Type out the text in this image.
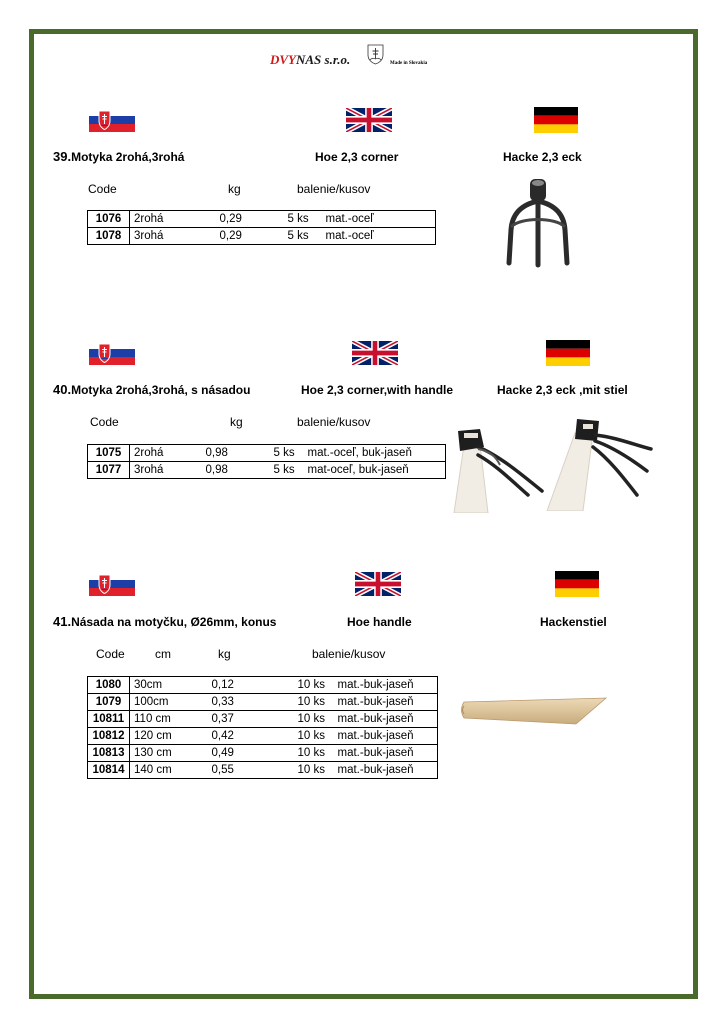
DVYNAS s.r.o.	Made in Slovakia
39.Motyka 2rohá,3rohá	Hoe 2,3 corner	Hacke 2,3 eck
Code	kg	balenie/kusov
1076	2rohá	0,29	5 ks	mat.-oceľ
1078	3rohá	0,29	5 ks	mat.-oceľ
40.Motyka 2rohá,3rohá, s násadou	Hoe 2,3 corner,with handle	Hacke 2,3 eck ,mit stiel
Code	kg	balenie/kusov
1075	2rohá	0,98	5 ks	mat.-oceľ, buk-jaseň
1077	3rohá	0,98	5 ks	mat-oceľ, buk-jaseň
41.Násada na motyčku, Ø26mm, konus	Hoe handle	Hackenstiel
Code	cm	kg	balenie/kusov
1080	30cm	0,12	10 ks	mat.-buk-jaseň
1079	100cm	0,33	10 ks	mat.-buk-jaseň
10811	110 cm	0,37	10 ks	mat.-buk-jaseň
10812	120 cm	0,42	10 ks	mat.-buk-jaseň
10813	130 cm	0,49	10 ks	mat.-buk-jaseň
10814	140 cm	0,55	10 ks	mat.-buk-jaseň
